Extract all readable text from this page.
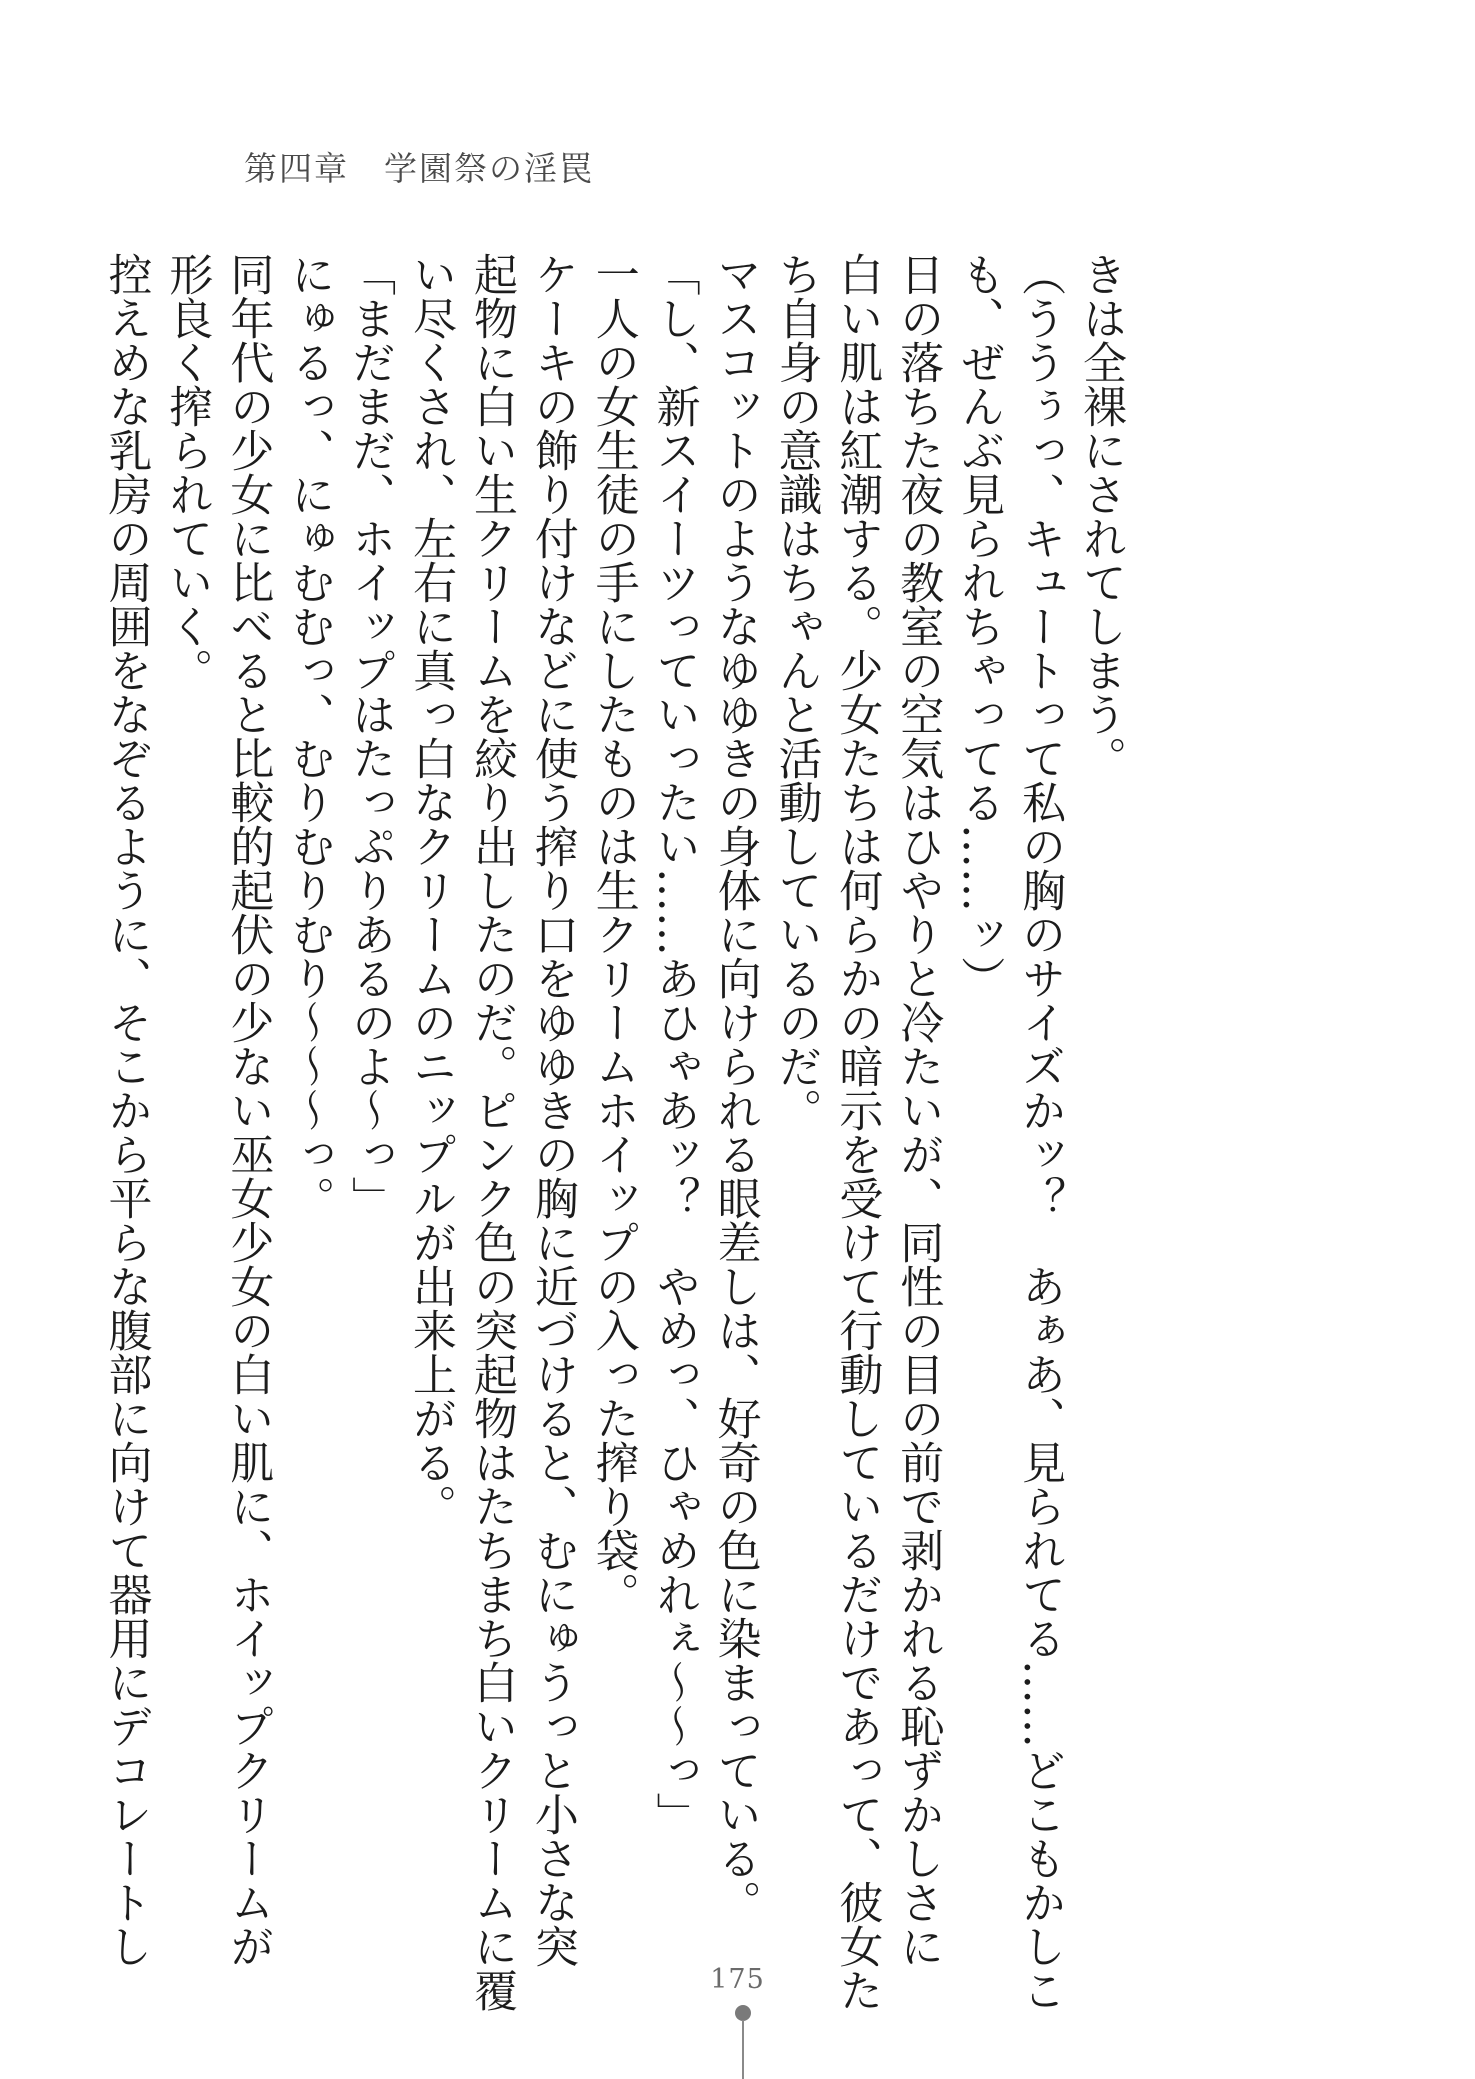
第四章　学園祭の淫罠

きは全裸にされてしまう。

（ううぅっ、キュートって私の胸のサイズかッ？　あぁあ、見られてる……どこもかしこ

も、ぜんぶ見られちゃってる……ッ）

日の落ちた夜の教室の空気はひやりと冷たいが、同性の目の前で剥かれる恥ずかしさに

白い肌は紅潮する。少女たちは何らかの暗示を受けて行動しているだけであって、彼女た

ち自身の意識はちゃんと活動しているのだ。

マスコットのようなゆゆきの身体に向けられる眼差しは、好奇の色に染まっている。

「し、新スイーツっていったい……あひゃあッ？　やめっ、ひゃめれぇ〜〜っ」

一人の女生徒の手にしたものは生クリームホイップの入った搾り袋。

ケーキの飾り付けなどに使う搾り口をゆゆきの胸に近づけると、むにゅうっと小さな突

起物に白い生クリームを絞り出したのだ。ピンク色の突起物はたちまち白いクリームに覆

い尽くされ、左右に真っ白なクリームのニップルが出来上がる。

「まだまだ、ホイップはたっぷりあるのよ〜っ」

にゅるっ、にゅむむっ、むりむりむり〜〜〜っ。

同年代の少女に比べると比較的起伏の少ない巫女少女の白い肌に、ホイップクリームが

形良く搾られていく。

控えめな乳房の周囲をなぞるように、そこから平らな腹部に向けて器用にデコレートし

175
